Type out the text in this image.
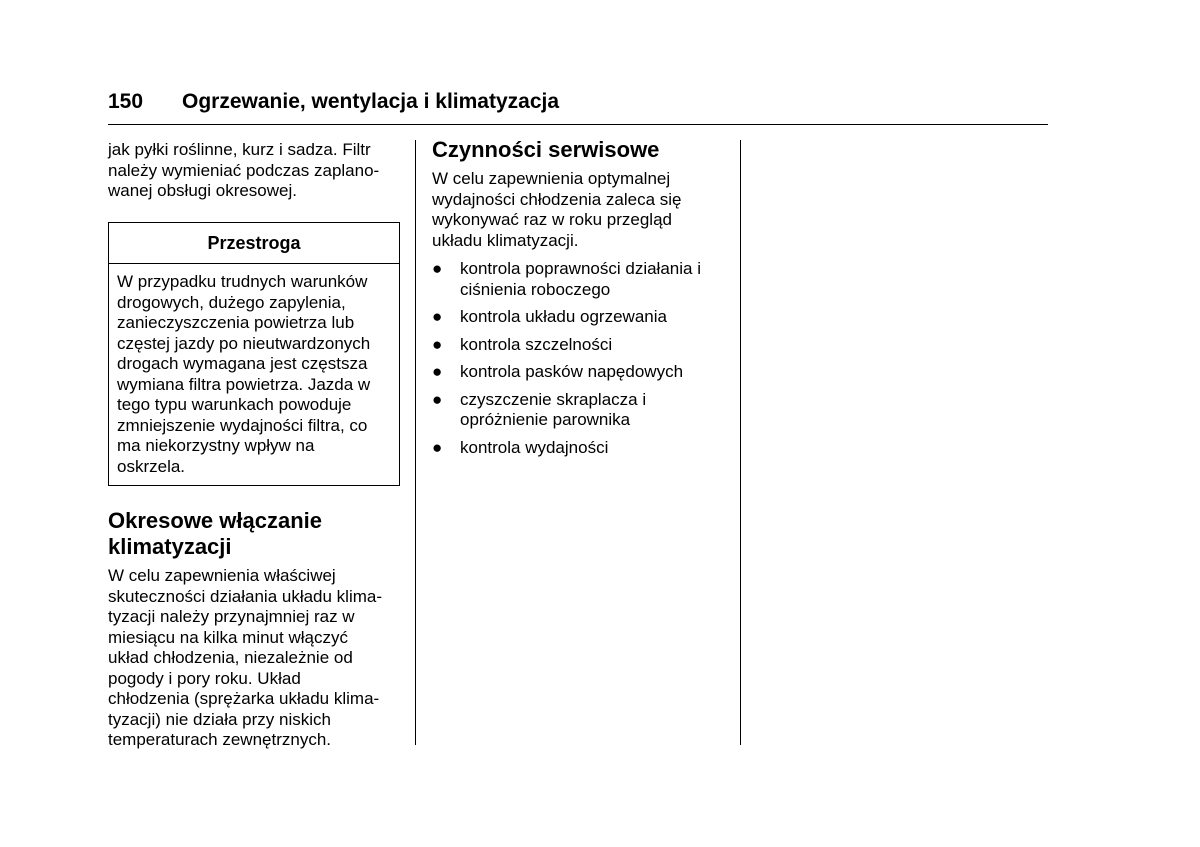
150 Ogrzewanie, wentylacja i klimatyzacja

jak pyłki roślinne, kurz i sadza. Filtr
należy wymieniać podczas zaplano-
wanej obsługi okresowej.

Przestroga

W przypadku trudnych warunków
drogowych, dużego zapylenia,
zanieczyszczenia powietrza lub
częstej jazdy po nieutwardzonych
drogach wymagana jest częstsza
wymiana filtra powietrza. Jazda w
tego typu warunkach powoduje
zmniejszenie wydajności filtra, co
ma niekorzystny wpływ na
oskrzela.

Okresowe włączanie
klimatyzacji

W celu zapewnienia właściwej
skuteczności działania układu klima-
tyzacji należy przynajmniej raz w
miesiącu na kilka minut włączyć
układ chłodzenia, niezależnie od
pogody i pory roku. Układ
chłodzenia (sprężarka układu klima-
tyzacji) nie działa przy niskich
temperaturach zewnętrznych.

Czynności serwisowe

W celu zapewnienia optymalnej
wydajności chłodzenia zaleca się
wykonywać raz w roku przegląd
układu klimatyzacji.

● kontrola poprawności działania i
ciśnienia roboczego
● kontrola układu ogrzewania
● kontrola szczelności
● kontrola pasków napędowych
● czyszczenie skraplacza i
opróżnienie parownika
● kontrola wydajności
